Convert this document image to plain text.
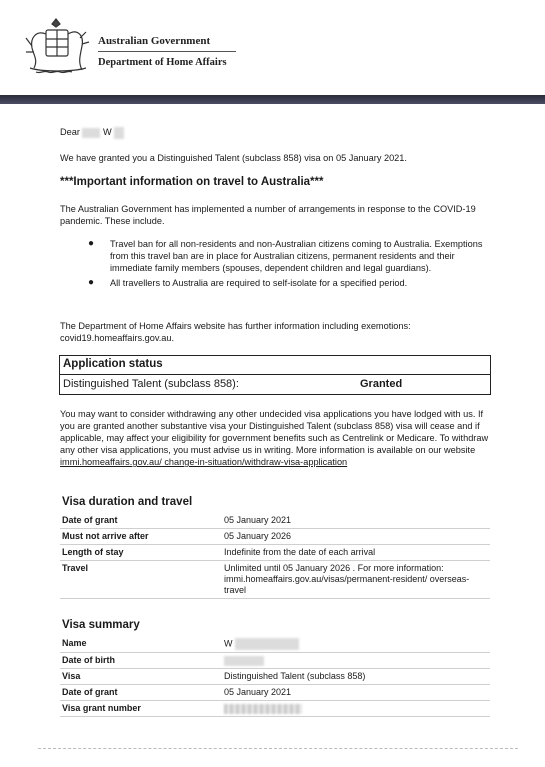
Australian Government
Department of Home Affairs
Dear	W
We have granted you a Distinguished Talent (subclass 858) visa on 05 January 2021.
***Important information on travel to Australia***

The Australian Government has implemented a number of arrangements in response to the COVID-19 pandemic. These include.

● Travel ban for all non-residents and non-Australian citizens coming to Australia. Exemptions from this travel ban are in place for Australian citizens, permanent residents and their immediate family members (spouses, dependent children and legal guardians).
● All travellers to Australia are required to self-isolate for a specified period.

The Department of Home Affairs website has further information including exemotions: covid19.homeaffairs.gov.au.

Application status
Distinguished Talent (subclass 858):	Granted

You may want to consider withdrawing any other undecided visa applications you have lodged with us. If you are granted another substantive visa your Distinguished Talent (subclass 858) visa will cease and if applicable, may affect your eligibility for government benefits such as Centrelink or Medicare. To withdraw any other visa applications, you must advise us in writing. More information is available on our website immi.homeaffairs.gov.au/ change-in-situation/withdraw-visa-application

Visa duration and travel
Date of grant	05 January 2021
Must not arrive after	05 January 2026
Length of stay	Indefinite from the date of each arrival
Travel	Unlimited until 05 January 2026 . For more information: immi.homeaffairs.gov.au/visas/permanent-resident/ overseas-travel
Visa summary
Name	W
Date of birth	
Visa	Distinguished Talent (subclass 858)
Date of grant	05 January 2021
Visa grant number	
